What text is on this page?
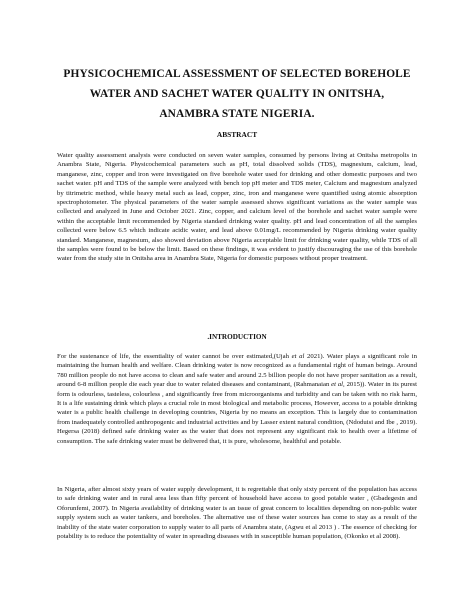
PHYSICOCHEMICAL ASSESSMENT OF SELECTED BOREHOLE WATER AND SACHET WATER QUALITY IN ONITSHA, ANAMBRA STATE NIGERIA.
ABSTRACT

Water quality assessment analysis were conducted on seven water samples, consumed by persons living at Onitsha metropolis in Anambra State, Nigeria. Physicochemical parameters such as pH, total dissolved solids (TDS), magnesium, calcium, lead, manganese, zinc, copper and iron were investigated on five borehole water used for drinking and other domestic purposes and two sachet water. pH and TDS of the sample were analyzed with bench top pH meter and TDS meter, Calcium and magnesium analyzed by titrimetric method, while heavy metal such as lead, copper, zinc, iron and manganese were quantified using atomic absorption spectrophotometer. The physical parameters of the water sample assessed shows significant variations as the water sample was collected and analyzed in June and October 2021. Zinc, copper, and calcium level of the borehole and sachet water sample were within the acceptable limit recommended by Nigeria standard drinking water quality. pH and lead concentration of all the samples collected were below 6.5 which indicate acidic water, and lead above 0.01mg/L recommended by Nigeria drinking water quality standard. Manganese, magnesium, also showed deviation above Nigeria acceptable limit for drinking water quality, while TDS of all the samples were found to be below the limit. Based on these findings, it was evident to justify discouraging the use of this borehole water from the study site in Onitsha area in Anambra State, Nigeria for domestic purposes without proper treatment.

.INTRODUCTION

For the sustenance of life, the essentiality of water cannot be over estimated,(Ujah et al 2021). Water plays a significant role in maintaining the human health and welfare. Clean drinking water is now recognized as a fundamental right of human beings. Around 780 million people do not have access to clean and safe water and around 2.5 billion people do not have proper sanitation as a result, around 6-8 million people die each year due to water related diseases and contaminant, (Rahmanaian et al, 2015)). Water in its purest form is odourless, tasteless, colourless , and significantly free from microorganisms and turbidity and can be taken with no risk harm, It is a life sustaining drink which plays a crucial role in most biological and metabolic process, However, access to a potable drinking water is a public health challenge in developing countries, Nigeria by no means an exception. This is largely due to contamination from inadequately controlled anthropogenic and industrial activities and by Lasser extent natural condition, (Ndoduisi and Ibe , 2019). Hegersa (2018) defined safe drinking water as the water that does not represent any significant risk to health over a lifetime of consumption. The safe drinking water must be delivered that, it is pure, wholesome, healthful and potable.

In Nigeria, after almost sixty years of water supply development, it is regrettable that only sixty percent of the population has access to safe drinking water and in rural area less than fifty percent of household have access to good potable water , (Gbadegesin and Oforunfemi, 2007). In Nigeria availability of drinking water is an issue of great concern to localities depending on non-public water supply system such as water tankers, and boreholes. The alternative use of these water sources has come to stay as a result of the inability of the state water corporation to supply water to all parts of Anambra state, (Agwu et al 2013 ) . The essence of checking for potability is to reduce the potentiality of water in spreading diseases with in susceptible human population, (Okonko et al 2008).
